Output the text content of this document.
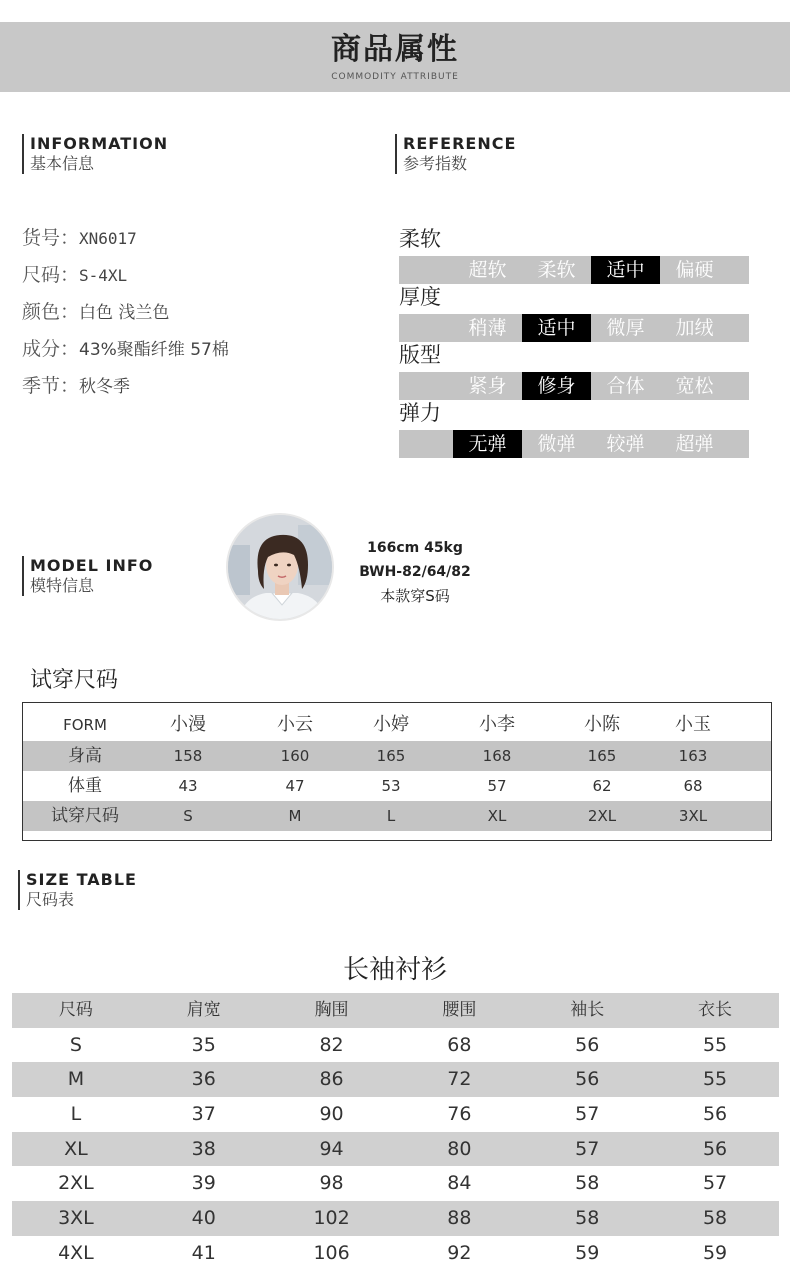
商品属性
COMMODITY ATTRIBUTE
INFORMATION
基本信息
REFERENCE
参考指数
货号：XN6017
尺码：S-4XL
颜色：白色 浅兰色
成分：43%聚酯纤维 57棉
季节：秋冬季
柔软
超软	柔软	适中	偏硬
厚度
稍薄	适中	微厚	加绒
版型
紧身	修身	合体	宽松
弹力
无弹	微弹	较弹	超弹
MODEL INFO
模特信息
166cm 45kg
BWH-82/64/82
本款穿S码
试穿尺码
FORM	小漫	小云	小婷	小李	小陈	小玉
身高	158	160	165	168	165	163
体重	43	47	53	57	62	68
试穿尺码	S	M	L	XL	2XL	3XL
SIZE TABLE
尺码表
长袖衬衫
尺码	肩宽	胸围	腰围	袖长	衣长
S	35	82	68	56	55
M	36	86	72	56	55
L	37	90	76	57	56
XL	38	94	80	57	56
2XL	39	98	84	58	57
3XL	40	102	88	58	58
4XL	41	106	92	59	59
